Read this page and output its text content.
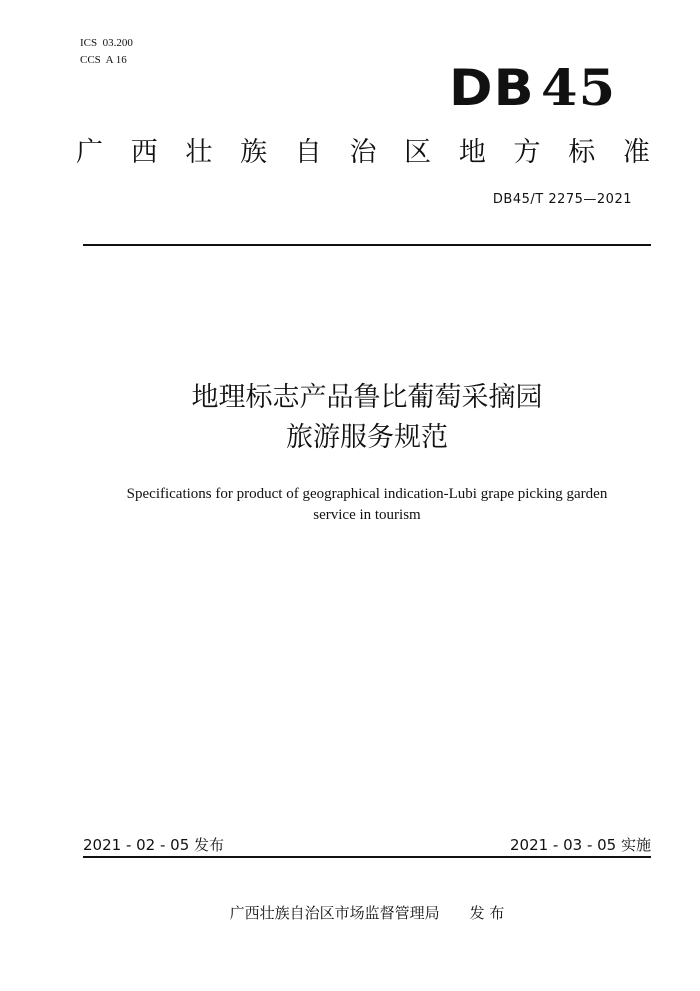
ICS  03.200
CCS  A 16	DB 45
广 西 壮 族 自 治 区 地 方 标 准
DB45/T 2275—2021
地理标志产品鲁比葡萄采摘园
旅游服务规范
Specifications for product of geographical indication-Lubi grape picking garden
service in tourism
2021 - 02 - 05 发布	2021 - 03 - 05 实施
广西壮族自治区市场监督管理局 发 布
